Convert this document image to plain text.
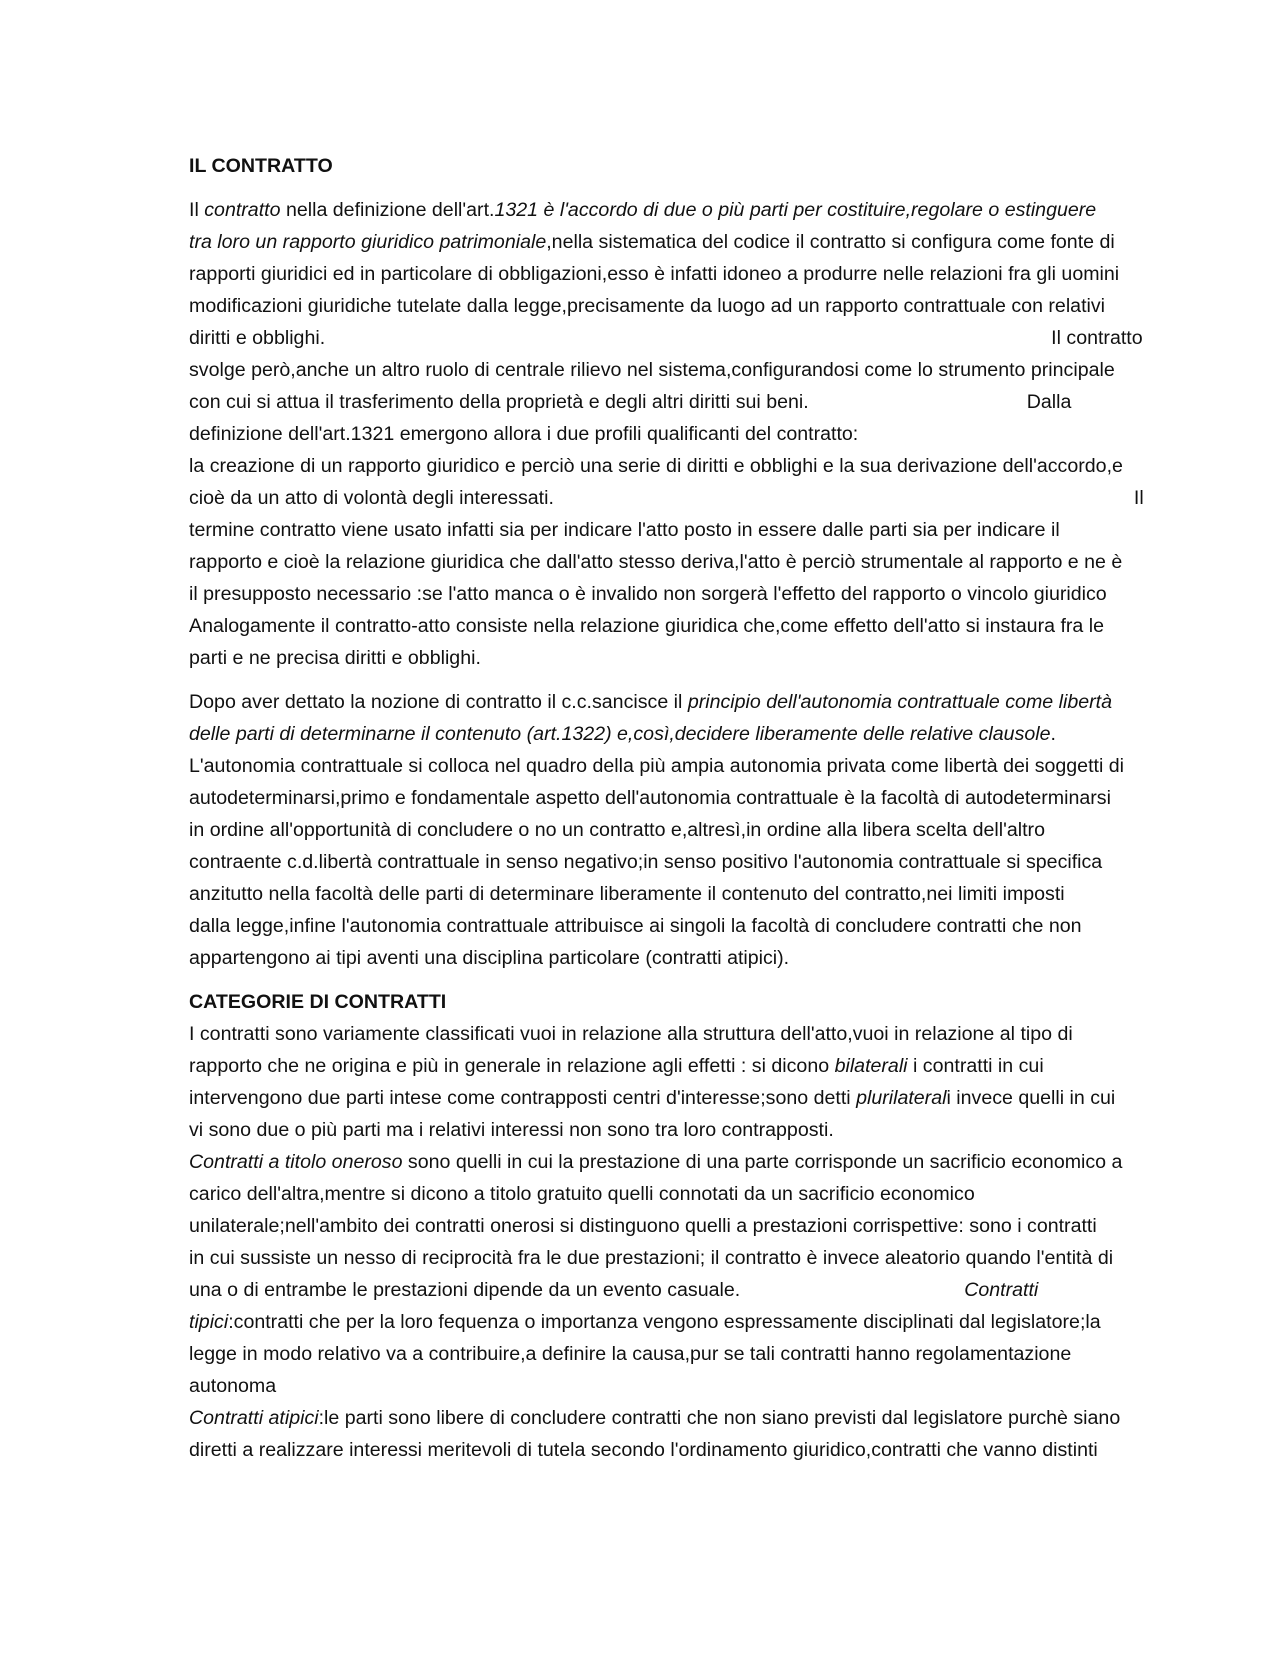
IL CONTRATTO
Il contratto nella definizione dell'art.1321 è l'accordo di due o più parti per costituire,regolare o estinguere
tra loro un rapporto giuridico patrimoniale,nella sistematica del codice il contratto si configura come fonte di
rapporti giuridici ed in particolare di obbligazioni,esso è infatti idoneo a produrre nelle relazioni fra gli uomini
modificazioni giuridiche tutelate dalla legge,precisamente da luogo ad un rapporto contrattuale con relativi
diritti e obblighi.	Il contratto
svolge però,anche un altro ruolo di centrale rilievo nel sistema,configurandosi come lo strumento principale
con cui si attua il trasferimento della proprietà e degli altri diritti sui beni.	Dalla
definizione dell'art.1321 emergono allora i due profili qualificanti del contratto:
la creazione di un rapporto giuridico e perciò una serie di diritti e obblighi e la sua derivazione dell'accordo,e
cioè da un atto di volontà degli interessati.	Il
termine contratto viene usato infatti sia per indicare l'atto posto in essere dalle parti sia per indicare il
rapporto e cioè la relazione giuridica che dall'atto stesso deriva,l'atto è perciò strumentale al rapporto e ne è
il presupposto necessario :se l'atto manca o è invalido non sorgerà l'effetto del rapporto o vincolo giuridico
Analogamente il contratto-atto consiste nella relazione giuridica che,come effetto dell'atto si instaura fra le
parti e ne precisa diritti e obblighi.
Dopo aver dettato la nozione di contratto il c.c.sancisce il principio dell'autonomia contrattuale come libertà
delle parti di determinarne il contenuto (art.1322) e,così,decidere liberamente delle relative clausole.
L'autonomia contrattuale si colloca nel quadro della più ampia autonomia privata come libertà dei soggetti di
autodeterminarsi,primo e fondamentale aspetto dell'autonomia contrattuale è la facoltà di autodeterminarsi
in ordine all'opportunità di concludere o no un contratto e,altresì,in ordine alla libera scelta dell'altro
contraente c.d.libertà contrattuale in senso negativo;in senso positivo l'autonomia contrattuale si specifica
anzitutto nella facoltà delle parti di determinare liberamente il contenuto del contratto,nei limiti imposti
dalla legge,infine l'autonomia contrattuale attribuisce ai singoli la facoltà di concludere contratti che non
appartengono ai tipi aventi una disciplina particolare (contratti atipici).
CATEGORIE DI CONTRATTI
I contratti sono variamente classificati vuoi in relazione alla struttura dell'atto,vuoi in relazione al tipo di
rapporto che ne origina e più in generale in relazione agli effetti : si dicono bilaterali i contratti in cui
intervengono due parti intese come contrapposti centri d'interesse;sono detti plurilaterali invece quelli in cui
vi sono due o più parti ma i relativi interessi non sono tra loro contrapposti.
Contratti a titolo oneroso sono quelli in cui la prestazione di una parte corrisponde un sacrificio economico a
carico dell'altra,mentre si dicono a titolo gratuito quelli connotati da un sacrificio economico
unilaterale;nell'ambito dei contratti onerosi si distinguono quelli a prestazioni corrispettive: sono i contratti
in cui sussiste un nesso di reciprocità fra le due prestazioni; il contratto è invece aleatorio quando l'entità di
una o di entrambe le prestazioni dipende da un evento casuale.	Contratti
tipici:contratti che per la loro fequenza o importanza vengono espressamente disciplinati dal legislatore;la
legge in modo relativo va a contribuire,a definire la causa,pur se tali contratti hanno regolamentazione
autonoma
Contratti atipici:le parti sono libere di concludere contratti che non siano previsti dal legislatore purchè siano
diretti a realizzare interessi meritevoli di tutela secondo l'ordinamento giuridico,contratti che vanno distinti
